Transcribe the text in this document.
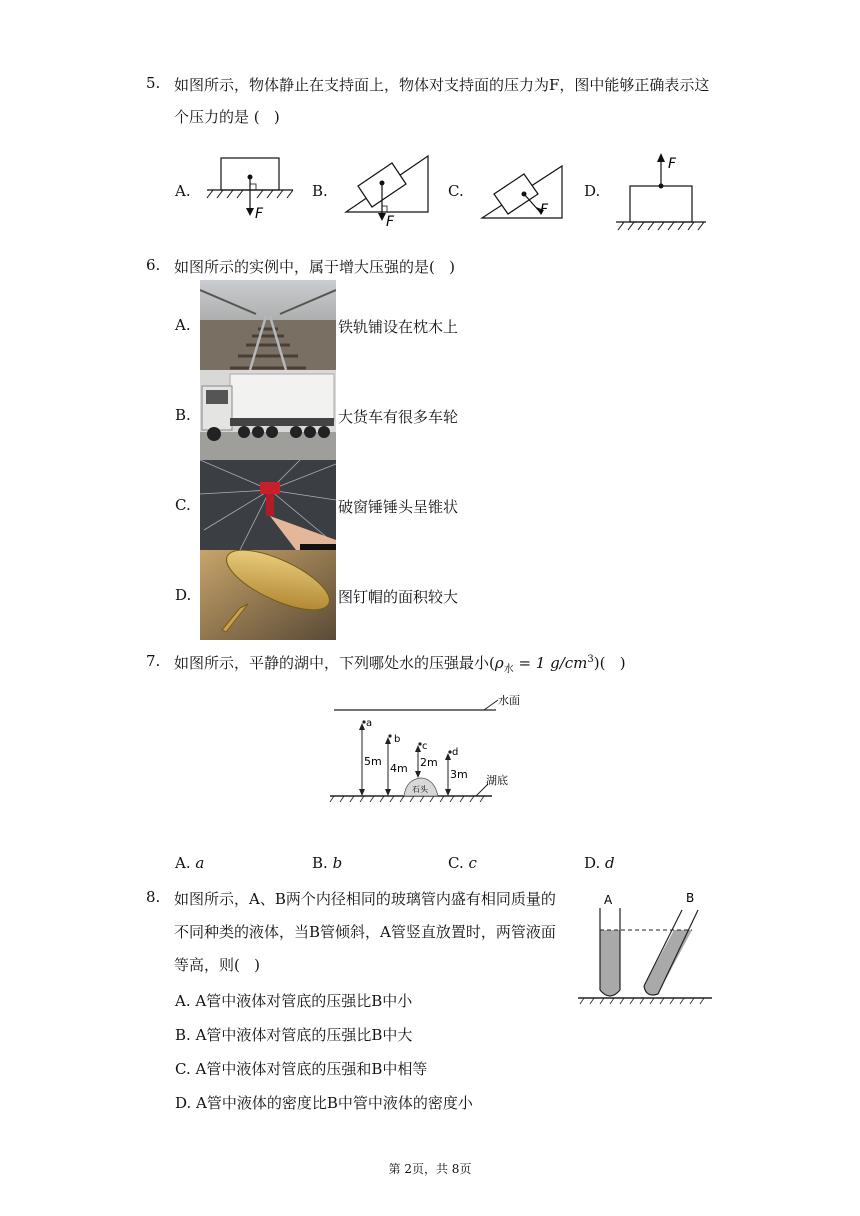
5. 如图所示，物体静止在支持面上，物体对支持面的压力为F，图中能够正确表示这
个压力的是 (   )
A.
F
B.
F
C.
F
D.
F
6. 如图所示的实例中，属于增大压强的是(   )
A.	铁轨铺设在枕木上
B.	大货车有很多车轮
C.	破窗锤锤头呈锥状
D.	图钉帽的面积较大
7. 如图所示，平静的湖中，下列哪处水的压强最小($\rho_水 = 1$ $g/cm^3$)(   )
水面
湖底
石头
a
5m
b
4m
c
2m
d
3m
A. a	B. b	C. c	D. d
8. 如图所示，A、B两个内径相同的玻璃管内盛有相同质量的
不同种类的液体，当B管倾斜，A管竖直放置时，两管液面
等高，则(   )
A. A管中液体对管底的压强比B中小
B. A管中液体对管底的压强比B中大
C. A管中液体对管底的压强和B中相等
D. A管中液体的密度比B中管中液体的密度小
A	B
第 2页，共 8页
